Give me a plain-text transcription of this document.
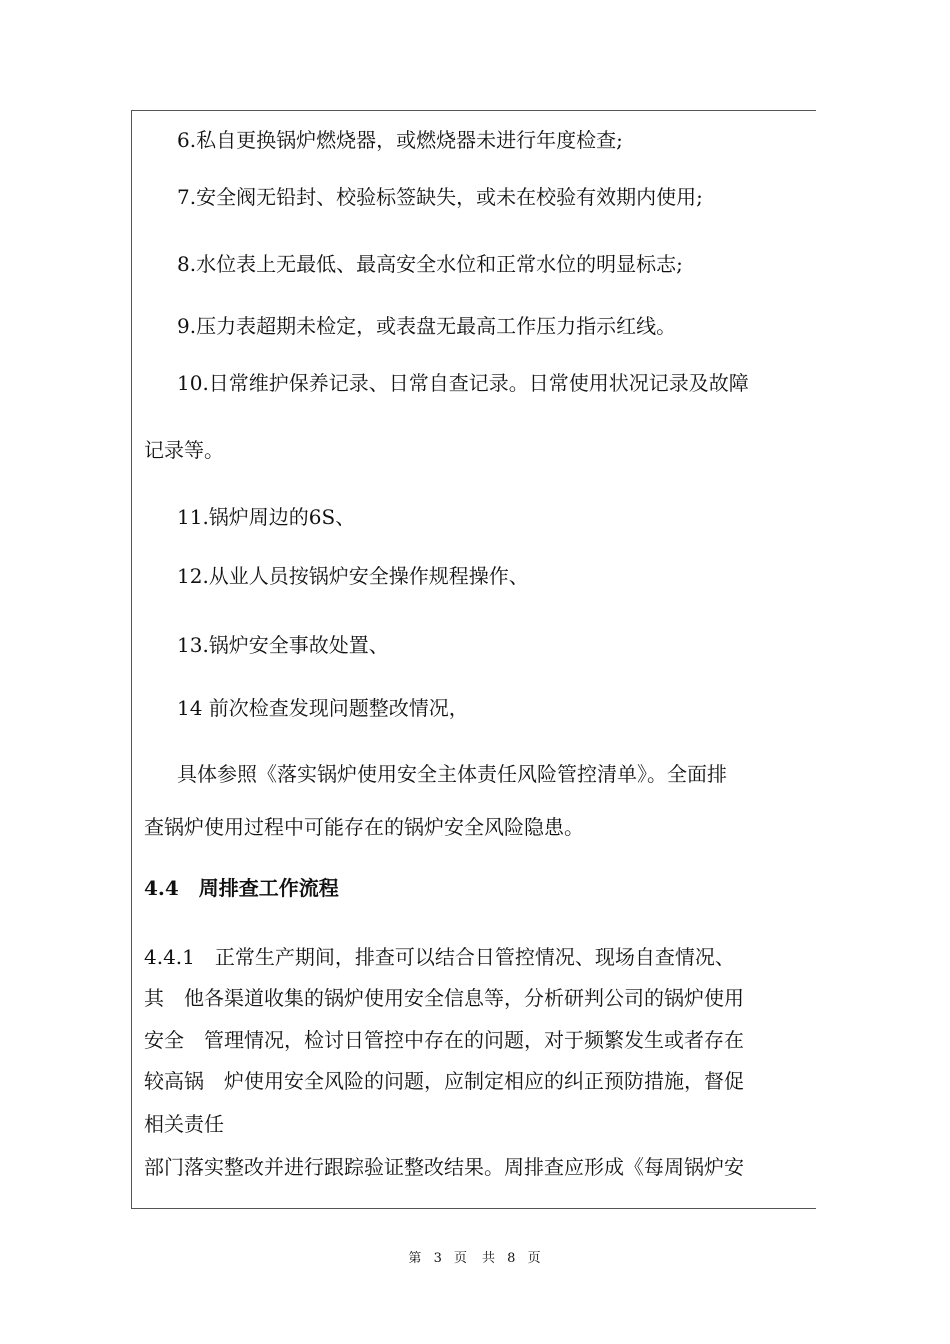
6.私自更换锅炉燃烧器，或燃烧器未进行年度检查;
7.安全阀无铅封、校验标签缺失，或未在校验有效期内使用;
8.水位表上无最低、最高安全水位和正常水位的明显标志;
9.压力表超期未检定，或表盘无最高工作压力指示红线。
10.日常维护保养记录、日常自查记录。日常使用状况记录及故障
记录等。
11.锅炉周边的6S、
12.从业人员按锅炉安全操作规程操作、
13.锅炉安全事故处置、
14 前次检查发现问题整改情况，
具体参照《落实锅炉使用安全主体责任风险管控清单》。全面排
查锅炉使用过程中可能存在的锅炉安全风险隐患。
4.4　周排查工作流程
4.4.1　正常生产期间，排查可以结合日管控情况、现场自查情况、
其　他各渠道收集的锅炉使用安全信息等，分析研判公司的锅炉使用
安全　管理情况，检讨日管控中存在的问题，对于频繁发生或者存在
较高锅　炉使用安全风险的问题，应制定相应的纠正预防措施，督促
相关责任
部门落实整改并进行跟踪验证整改结果。周排查应形成《每周锅炉安
第 3 页　共 8 页
